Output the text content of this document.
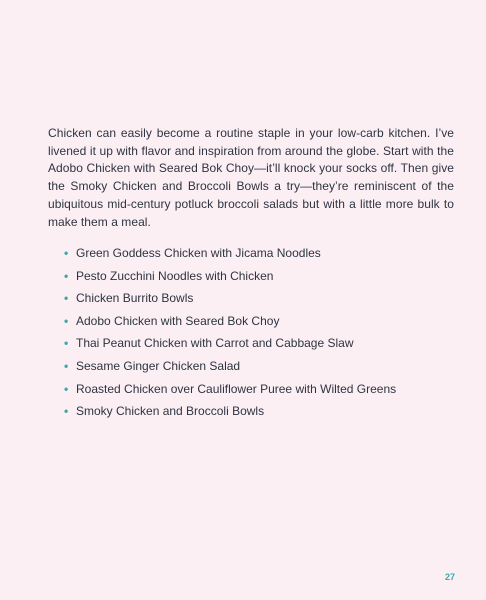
Chicken can easily become a routine staple in your low-carb kitchen. I’ve livened it up with flavor and inspiration from around the globe. Start with the Adobo Chicken with Seared Bok Choy—it’ll knock your socks off. Then give the Smoky Chicken and Broccoli Bowls a try—they’re reminiscent of the ubiquitous mid-century potluck broccoli salads but with a little more bulk to make them a meal.

• Green Goddess Chicken with Jicama Noodles
• Pesto Zucchini Noodles with Chicken
• Chicken Burrito Bowls
• Adobo Chicken with Seared Bok Choy
• Thai Peanut Chicken with Carrot and Cabbage Slaw
• Sesame Ginger Chicken Salad
• Roasted Chicken over Cauliflower Puree with Wilted Greens
• Smoky Chicken and Broccoli Bowls
27
